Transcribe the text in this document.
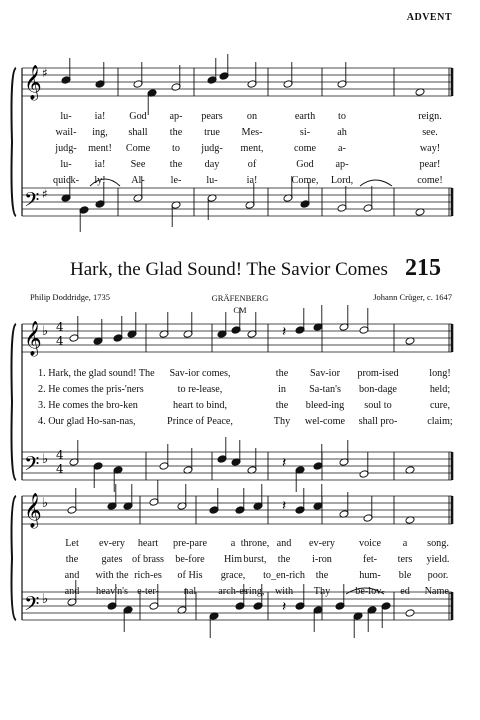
ADVENT
𝄞
𝄢
♯
♯
𝄞
𝄢
♭
♭
4
4
4
4
𝄽
𝄽
𝄞
𝄢
♭
♭
𝄽
𝄽
lu- ia! God ap- pears on	earth to	reign.
wail- ing, shall the true Mes-	si-	ah	see.
judg- ment! Come to judg- ment,	come a-	way!
lu- ia! See the day	of	God ap-	pear!
quick- ly!	Al-	le- lu-	ia!	Come, Lord,	come!
Hark, the Glad Sound! The Savior Comes 215
Philip Doddridge, 1735	GRÄFENBERG
CM
Johann Crüger, c. 1647
1. Hark, the glad sound! The Sav-ior comes,	the Sav-ior prom-ised	long!
2. He comes the pris-'ners	to re-lease,	in Sa-tan's bon-dage	held;
3. He comes the bro-ken	heart to bind,	the bleed-ing soul to	cure,
4. Our glad Ho-san-nas,	Prince of Peace,	Thy wel-come shall pro-	claim;
Let ev-ery heart pre-pare a throne, and ev-ery voice a song.
the gates of brass be-fore Him burst, the i-ron	fet- ters yield.
and with the rich-es of His grace, to_en-rich the	hum- ble poor.
and heav'n's e-ter- nal arch-es
ring, with Thy be-lov- ed Name.
